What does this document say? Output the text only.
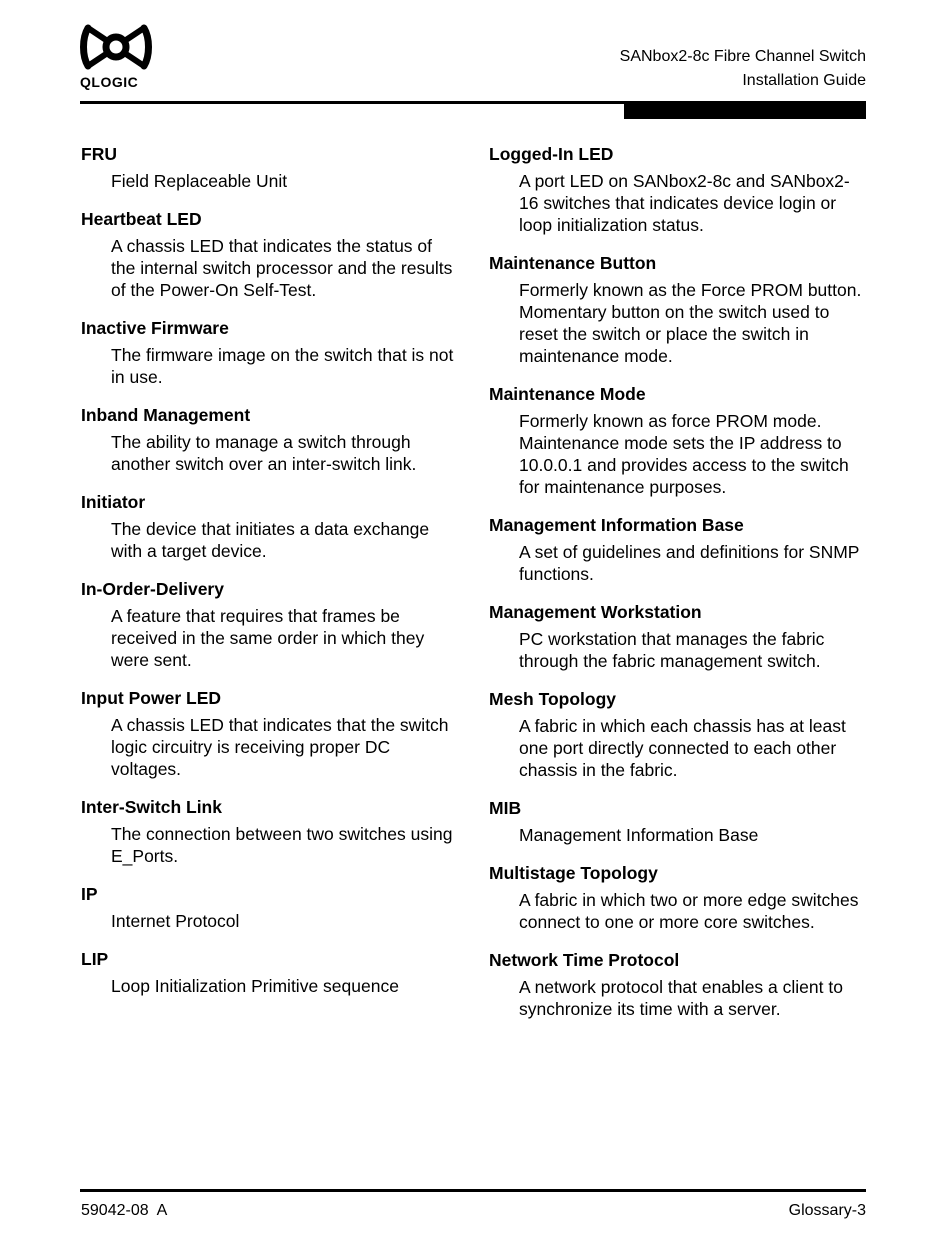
QLOGIC
SANbox2-8c Fibre Channel Switch
Installation Guide
FRU
Field Replaceable Unit
Heartbeat LED
A chassis LED that indicates the status of the internal switch processor and the results of the Power-On Self-Test.
Inactive Firmware
The firmware image on the switch that is not in use.
Inband Management
The ability to manage a switch through another switch over an inter-switch link.
Initiator
The device that initiates a data exchange with a target device.
In-Order-Delivery
A feature that requires that frames be received in the same order in which they were sent.
Input Power LED
A chassis LED that indicates that the switch logic circuitry is receiving proper DC voltages.
Inter-Switch Link
The connection between two switches using E_Ports.
IP
Internet Protocol
LIP
Loop Initialization Primitive sequence
Logged-In LED
A port LED on SANbox2-8c and SANbox2-16 switches that indicates device login or loop initialization status.
Maintenance Button
Formerly known as the Force PROM button. Momentary button on the switch used to reset the switch or place the switch in maintenance mode.
Maintenance Mode
Formerly known as force PROM mode. Maintenance mode sets the IP address to 10.0.0.1 and provides access to the switch for maintenance purposes.
Management Information Base
A set of guidelines and definitions for SNMP functions.
Management Workstation
PC workstation that manages the fabric through the fabric management switch.
Mesh Topology
A fabric in which each chassis has at least one port directly connected to each other chassis in the fabric.
MIB
Management Information Base
Multistage Topology
A fabric in which two or more edge switches connect to one or more core switches.
Network Time Protocol
A network protocol that enables a client to synchronize its time with a server.
59042-08  A	Glossary-3
